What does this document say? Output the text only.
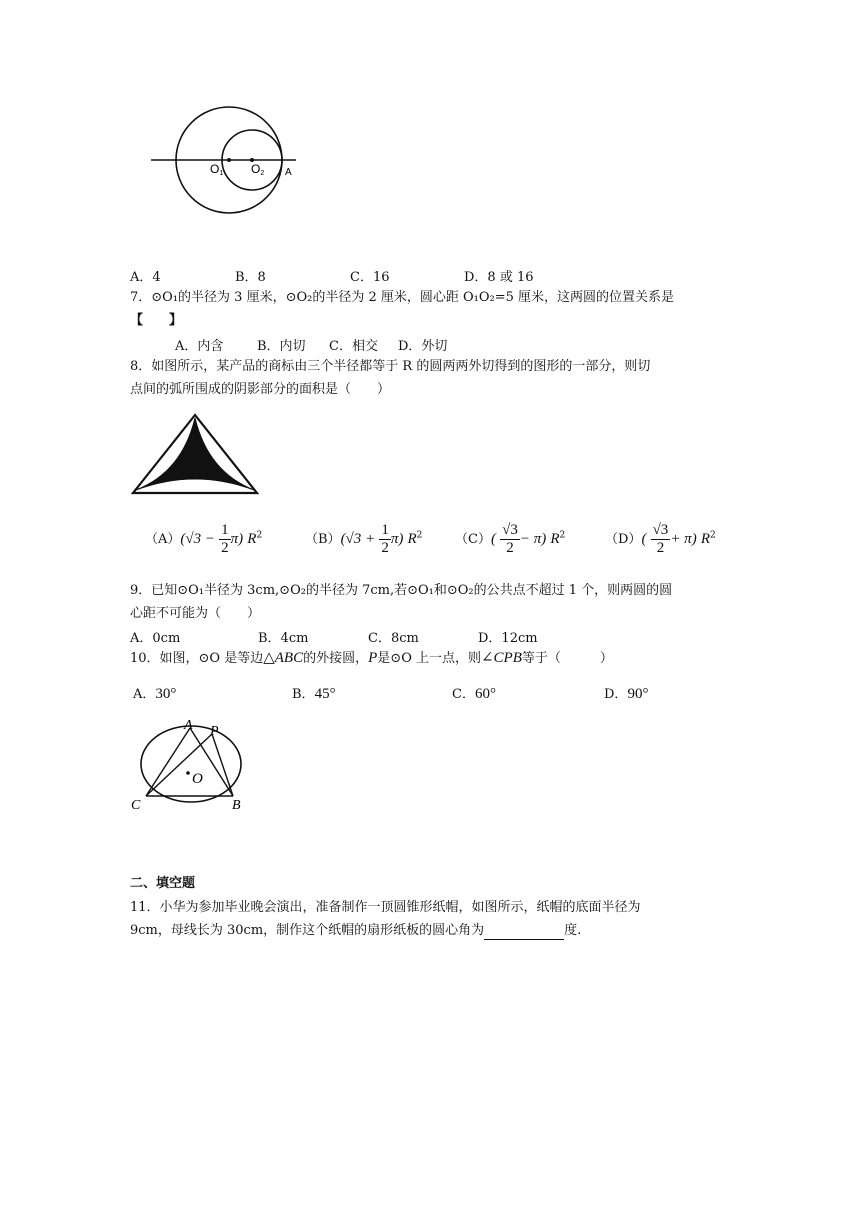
O1 O2 A
A．4	B．8	C．16	D．8 或 16
7．⊙O₁的半径为 3 厘米，⊙O₂的半径为 2 厘米，圆心距 O₁O₂=5 厘米，这两圆的位置关系是
【　　】
A．内含	B．内切 C．相交 D．外切
8．如图所示，某产品的商标由三个半径都等于 R 的圆两两外切得到的图形的一部分，则切
点间的弧所围成的阴影部分的面积是（　　）
$(A)(√3 - \frac{1}{2} \pi)$ $R^2$	$(B)(√3 + \frac{1}{2} \pi)$ $R^2$	$(C)( \frac{√3}{2} - \pi)$ $R^2$	$(D)( \frac{√3}{2} + \pi)$ $R^2$
9．已知⊙O₁半径为 3cm,⊙O₂的半径为 7cm,若⊙O₁和⊙O₂的公共点不超过 1 个，则两圆的圆
心距不可能为（　　）
A．0cm	B．4cm	C．8cm	D．12cm
10．如图，⊙O 是等边△ABC的外接圆，P是⊙O 上一点，则∠CPB等于（　　　）
A．30°	B．45°	C．60°	D．90°
A P
O
C	B
二、填空题
11．小华为参加毕业晚会演出，准备制作一顶圆锥形纸帽，如图所示，纸帽的底面半径为
9cm，母线长为 30cm，制作这个纸帽的扇形纸板的圆心角为	度.
